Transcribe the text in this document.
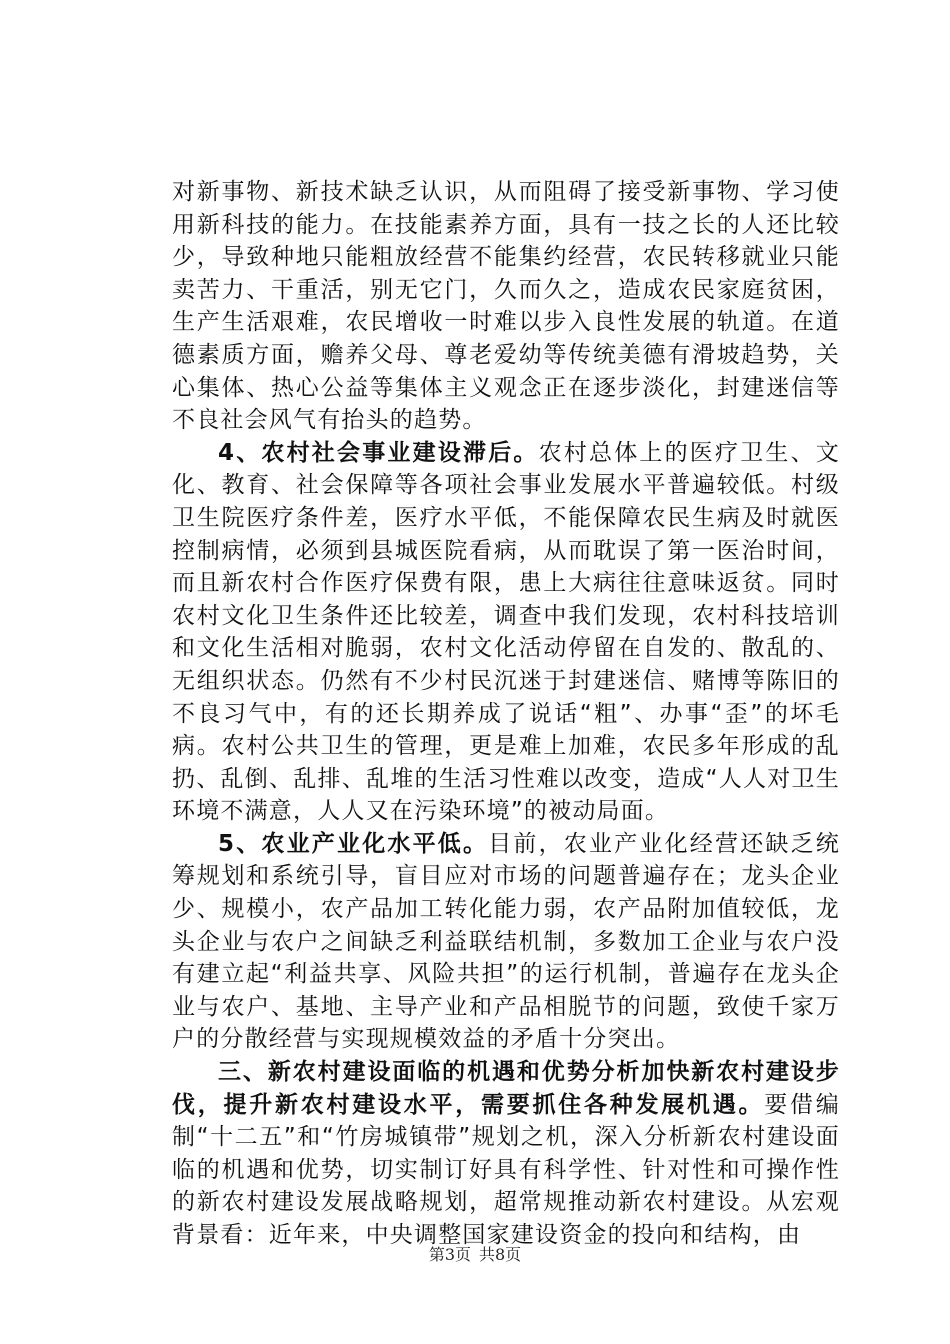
对新事物、新技术缺乏认识，从而阻碍了接受新事物、学习使用新科技的能力。在技能素养方面，具有一技之长的人还比较少，导致种地只能粗放经营不能集约经营，农民转移就业只能卖苦力、干重活，别无它门，久而久之，造成农民家庭贫困，生产生活艰难，农民增收一时难以步入良性发展的轨道。在道德素质方面，赡养父母、尊老爱幼等传统美德有滑坡趋势，关心集体、热心公益等集体主义观念正在逐步淡化，封建迷信等不良社会风气有抬头的趋势。

4、农村社会事业建设滞后。农村总体上的医疗卫生、文化、教育、社会保障等各项社会事业发展水平普遍较低。村级卫生院医疗条件差，医疗水平低，不能保障农民生病及时就医控制病情，必须到县城医院看病，从而耽误了第一医治时间，而且新农村合作医疗保费有限，患上大病往往意味返贫。同时农村文化卫生条件还比较差，调查中我们发现，农村科技培训和文化生活相对脆弱，农村文化活动停留在自发的、散乱的、无组织状态。仍然有不少村民沉迷于封建迷信、赌博等陈旧的不良习气中，有的还长期养成了说话“粗”、办事“歪”的坏毛病。农村公共卫生的管理，更是难上加难，农民多年形成的乱扔、乱倒、乱排、乱堆的生活习性难以改变，造成“人人对卫生环境不满意，人人又在污染环境”的被动局面。

5、农业产业化水平低。目前，农业产业化经营还缺乏统筹规划和系统引导，盲目应对市场的问题普遍存在；龙头企业少、规模小，农产品加工转化能力弱，农产品附加值较低，龙头企业与农户之间缺乏利益联结机制，多数加工企业与农户没有建立起“利益共享、风险共担”的运行机制，普遍存在龙头企业与农户、基地、主导产业和产品相脱节的问题，致使千家万户的分散经营与实现规模效益的矛盾十分突出。

三、新农村建设面临的机遇和优势分析加快新农村建设步伐，提升新农村建设水平，需要抓住各种发展机遇。要借编制“十二五”和“竹房城镇带”规划之机，深入分析新农村建设面临的机遇和优势，切实制订好具有科学性、针对性和可操作性的新农村建设发展战略规划，超常规推动新农村建设。从宏观背景看：近年来，中央调整国家建设资金的投向和结构，由

第3页 共8页
